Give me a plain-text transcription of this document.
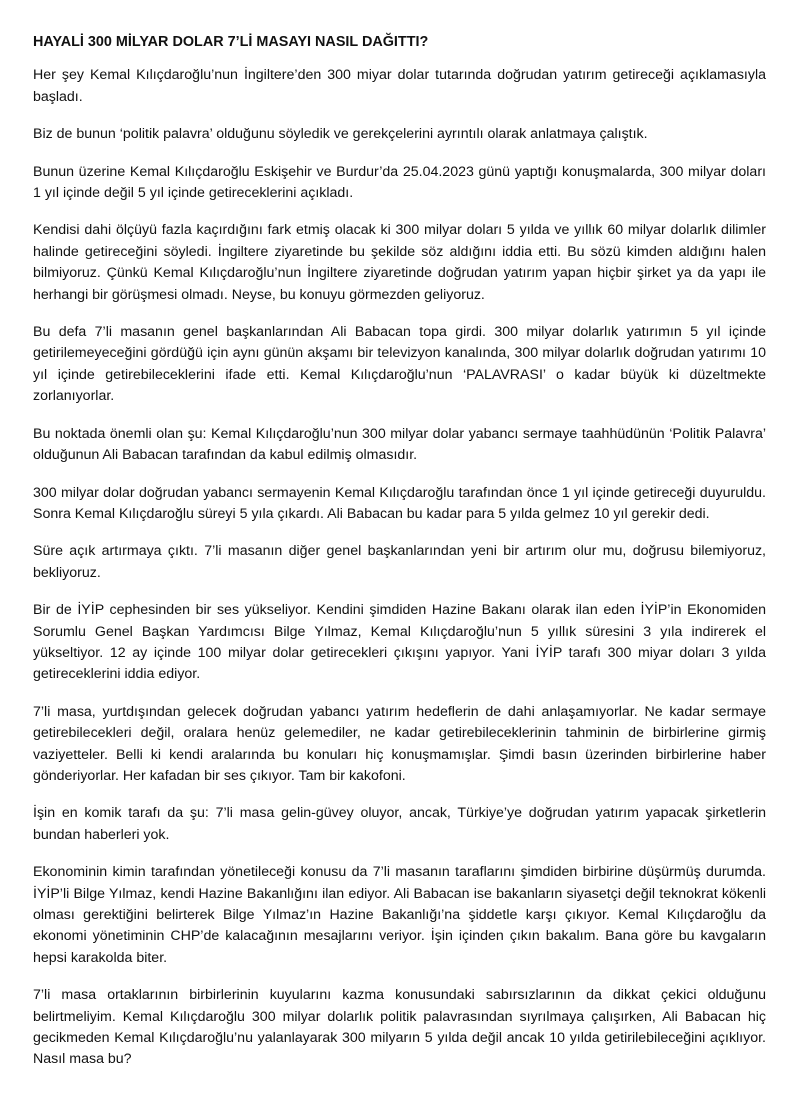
HAYALİ 300 MİLYAR DOLAR 7’Lİ MASAYI NASIL DAĞITTI?

Her şey Kemal Kılıçdaroğlu’nun İngiltere’den 300 miyar dolar tutarında doğrudan yatırım getireceği açıklamasıyla başladı.

Biz de bunun ‘politik palavra’ olduğunu söyledik ve gerekçelerini ayrıntılı olarak anlatmaya çalıştık.

Bunun üzerine Kemal Kılıçdaroğlu Eskişehir ve Burdur’da 25.04.2023 günü yaptığı konuşmalarda, 300 milyar doları 1 yıl içinde değil 5 yıl içinde getireceklerini açıkladı.

Kendisi dahi ölçüyü fazla kaçırdığını fark etmiş olacak ki 300 milyar doları 5 yılda ve yıllık 60 milyar dolarlık dilimler halinde getireceğini söyledi. İngiltere ziyaretinde bu şekilde söz aldığını iddia etti. Bu sözü kimden aldığını halen bilmiyoruz. Çünkü Kemal Kılıçdaroğlu’nun İngiltere ziyaretinde doğrudan yatırım yapan hiçbir şirket ya da yapı ile herhangi bir görüşmesi olmadı. Neyse, bu konuyu görmezden geliyoruz.

Bu defa 7’li masanın genel başkanlarından Ali Babacan topa girdi. 300 milyar dolarlık yatırımın 5 yıl içinde getirilemeyeceğini gördüğü için aynı günün akşamı bir televizyon kanalında, 300 milyar dolarlık doğrudan yatırımı 10 yıl içinde getirebileceklerini ifade etti. Kemal Kılıçdaroğlu’nun ‘PALAVRASI’ o kadar büyük ki düzeltmekte zorlanıyorlar.

Bu noktada önemli olan şu: Kemal Kılıçdaroğlu’nun 300 milyar dolar yabancı sermaye taahhüdünün ‘Politik Palavra’ olduğunun Ali Babacan tarafından da kabul edilmiş olmasıdır.

300 milyar dolar doğrudan yabancı sermayenin Kemal Kılıçdaroğlu tarafından önce 1 yıl içinde getireceği duyuruldu. Sonra Kemal Kılıçdaroğlu süreyi 5 yıla çıkardı. Ali Babacan bu kadar para 5 yılda gelmez 10 yıl gerekir dedi.

Süre açık artırmaya çıktı. 7’li masanın diğer genel başkanlarından yeni bir artırım olur mu, doğrusu bilemiyoruz, bekliyoruz.

Bir de İYİP cephesinden bir ses yükseliyor. Kendini şimdiden Hazine Bakanı olarak ilan eden İYİP’in Ekonomiden Sorumlu Genel Başkan Yardımcısı Bilge Yılmaz, Kemal Kılıçdaroğlu’nun 5 yıllık süresini 3 yıla indirerek el yükseltiyor. 12 ay içinde 100 milyar dolar getirecekleri çıkışını yapıyor. Yani İYİP tarafı 300 miyar doları 3 yılda getireceklerini iddia ediyor.

7’li masa, yurtdışından gelecek doğrudan yabancı yatırım hedeflerin de dahi anlaşamıyorlar. Ne kadar sermaye getirebilecekleri değil, oralara henüz gelemediler, ne kadar getirebileceklerinin tahminin de birbirlerine girmiş vaziyetteler. Belli ki kendi aralarında bu konuları hiç konuşmamışlar. Şimdi basın üzerinden birbirlerine haber gönderiyorlar. Her kafadan bir ses çıkıyor. Tam bir kakofoni.

İşin en komik tarafı da şu: 7’li masa gelin-güvey oluyor, ancak, Türkiye’ye doğrudan yatırım yapacak şirketlerin bundan haberleri yok.

Ekonominin kimin tarafından yönetileceği konusu da 7’li masanın taraflarını şimdiden birbirine düşürmüş durumda. İYİP’li Bilge Yılmaz, kendi Hazine Bakanlığını ilan ediyor. Ali Babacan ise bakanların siyasetçi değil teknokrat kökenli olması gerektiğini belirterek Bilge Yılmaz’ın Hazine Bakanlığı’na şiddetle karşı çıkıyor. Kemal Kılıçdaroğlu da ekonomi yönetiminin CHP’de kalacağının mesajlarını veriyor. İşin içinden çıkın bakalım. Bana göre bu kavgaların hepsi karakolda biter.

7’li masa ortaklarının birbirlerinin kuyularını kazma konusundaki sabırsızlarının da dikkat çekici olduğunu belirtmeliyim. Kemal Kılıçdaroğlu 300 milyar dolarlık politik palavrasından sıyrılmaya çalışırken, Ali Babacan hiç gecikmeden Kemal Kılıçdaroğlu’nu yalanlayarak 300 milyarın 5 yılda değil ancak 10 yılda getirilebileceğini açıklıyor. Nasıl masa bu?
